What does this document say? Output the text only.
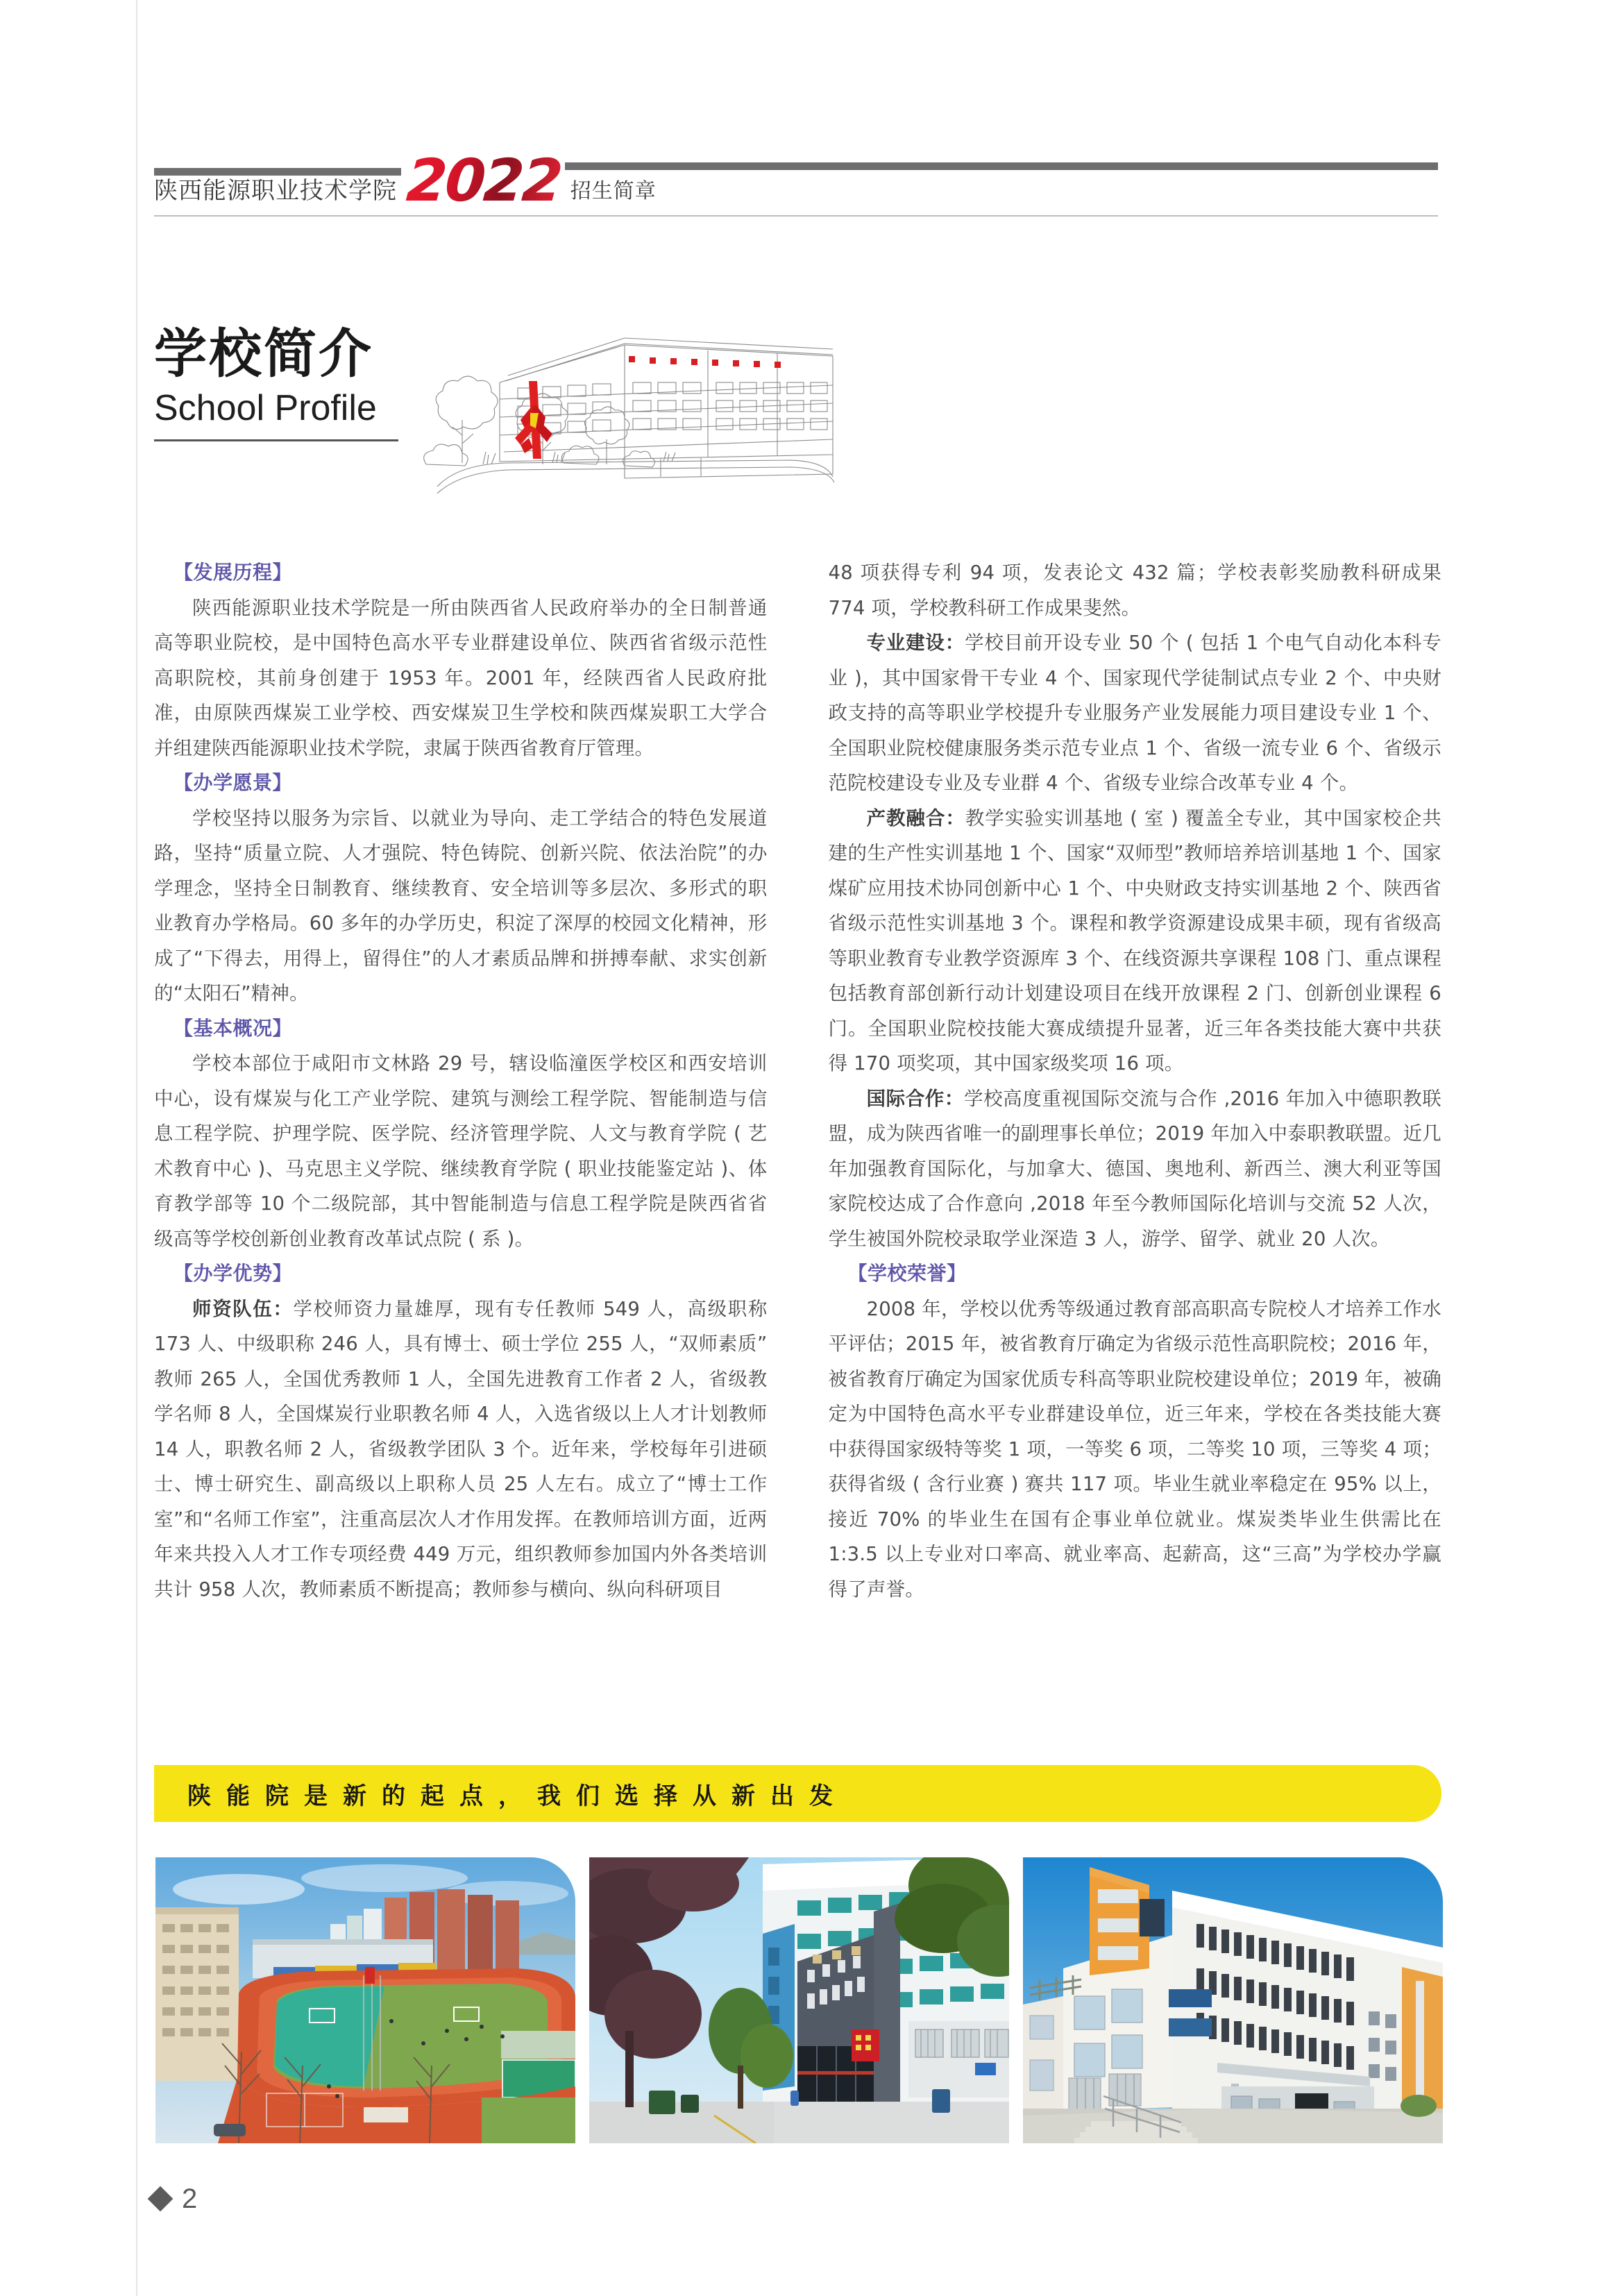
陕西能源职业技术学院 2022 招生简章
学校简介
School Profile

【发展历程】

陕西能源职业技术学院是一所由陕西省人民政府举办的全日制普通高等职业院校，是中国特色高水平专业群建设单位、陕西省省级示范性高职院校，其前身创建于 1953 年。2001 年，经陕西省人民政府批准，由原陕西煤炭工业学校、西安煤炭卫生学校和陕西煤炭职工大学合并组建陕西能源职业技术学院，隶属于陕西省教育厅管理。

【办学愿景】

学校坚持以服务为宗旨、以就业为导向、走工学结合的特色发展道路，坚持“质量立院、人才强院、特色铸院、创新兴院、依法治院”的办学理念，坚持全日制教育、继续教育、安全培训等多层次、多形式的职业教育办学格局。60 多年的办学历史，积淀了深厚的校园文化精神，形成了“下得去，用得上，留得住”的人才素质品牌和拼搏奉献、求实创新的“太阳石”精神。

【基本概况】

学校本部位于咸阳市文林路 29 号，辖设临潼医学校区和西安培训中心，设有煤炭与化工产业学院、建筑与测绘工程学院、智能制造与信息工程学院、护理学院、医学院、经济管理学院、人文与教育学院 ( 艺术教育中心 )、马克思主义学院、继续教育学院 ( 职业技能鉴定站 )、体育教学部等 10 个二级院部，其中智能制造与信息工程学院是陕西省省级高等学校创新创业教育改革试点院 ( 系 )。

【办学优势】

师资队伍：学校师资力量雄厚，现有专任教师 549 人，高级职称 173 人、中级职称 246 人，具有博士、硕士学位 255 人，“双师素质”教师 265 人，全国优秀教师 1 人，全国先进教育工作者 2 人，省级教学名师 8 人，全国煤炭行业职教名师 4 人，入选省级以上人才计划教师 14 人，职教名师 2 人，省级教学团队 3 个。近年来，学校每年引进硕士、博士研究生、副高级以上职称人员 25 人左右。成立了“博士工作室”和“名师工作室”，注重高层次人才作用发挥。在教师培训方面，近两年来共投入人才工作专项经费 449 万元，组织教师参加国内外各类培训共计 958 人次，教师素质不断提高；教师参与横向、纵向科研项目

48 项获得专利 94 项，发表论文 432 篇；学校表彰奖励教科研成果 774 项，学校教科研工作成果斐然。

专业建设：学校目前开设专业 50 个 ( 包括 1 个电气自动化本科专业 )，其中国家骨干专业 4 个、国家现代学徒制试点专业 2 个、中央财政支持的高等职业学校提升专业服务产业发展能力项目建设专业 1 个、全国职业院校健康服务类示范专业点 1 个、省级一流专业 6 个、省级示范院校建设专业及专业群 4 个、省级专业综合改革专业 4 个。

产教融合：教学实验实训基地 ( 室 ) 覆盖全专业，其中国家校企共建的生产性实训基地 1 个、国家“双师型”教师培养培训基地 1 个、国家煤矿应用技术协同创新中心 1 个、中央财政支持实训基地 2 个、陕西省省级示范性实训基地 3 个。课程和教学资源建设成果丰硕，现有省级高等职业教育专业教学资源库 3 个、在线资源共享课程 108 门、重点课程包括教育部创新行动计划建设项目在线开放课程 2 门、创新创业课程 6 门。全国职业院校技能大赛成绩提升显著，近三年各类技能大赛中共获得 170 项奖项，其中国家级奖项 16 项。

国际合作：学校高度重视国际交流与合作 ,2016 年加入中德职教联盟，成为陕西省唯一的副理事长单位；2019 年加入中泰职教联盟。近几年加强教育国际化，与加拿大、德国、奥地利、新西兰、澳大利亚等国家院校达成了合作意向 ,2018 年至今教师国际化培训与交流 52 人次，学生被国外院校录取学业深造 3 人，游学、留学、就业 20 人次。

【学校荣誉】

2008 年，学校以优秀等级通过教育部高职高专院校人才培养工作水平评估；2015 年，被省教育厅确定为省级示范性高职院校；2016 年，被省教育厅确定为国家优质专科高等职业院校建设单位；2019 年，被确定为中国特色高水平专业群建设单位，近三年来，学校在各类技能大赛中获得国家级特等奖 1 项，一等奖 6 项，二等奖 10 项，三等奖 4 项；获得省级 ( 含行业赛 ) 赛共 117 项。毕业生就业率稳定在 95% 以上，接近 70% 的毕业生在国有企事业单位就业。煤炭类毕业生供需比在 1:3.5 以上专业对口率高、就业率高、起薪高，这“三高”为学校办学赢得了声誉。

陕能院是新的起点，我们选择从新出发
2
